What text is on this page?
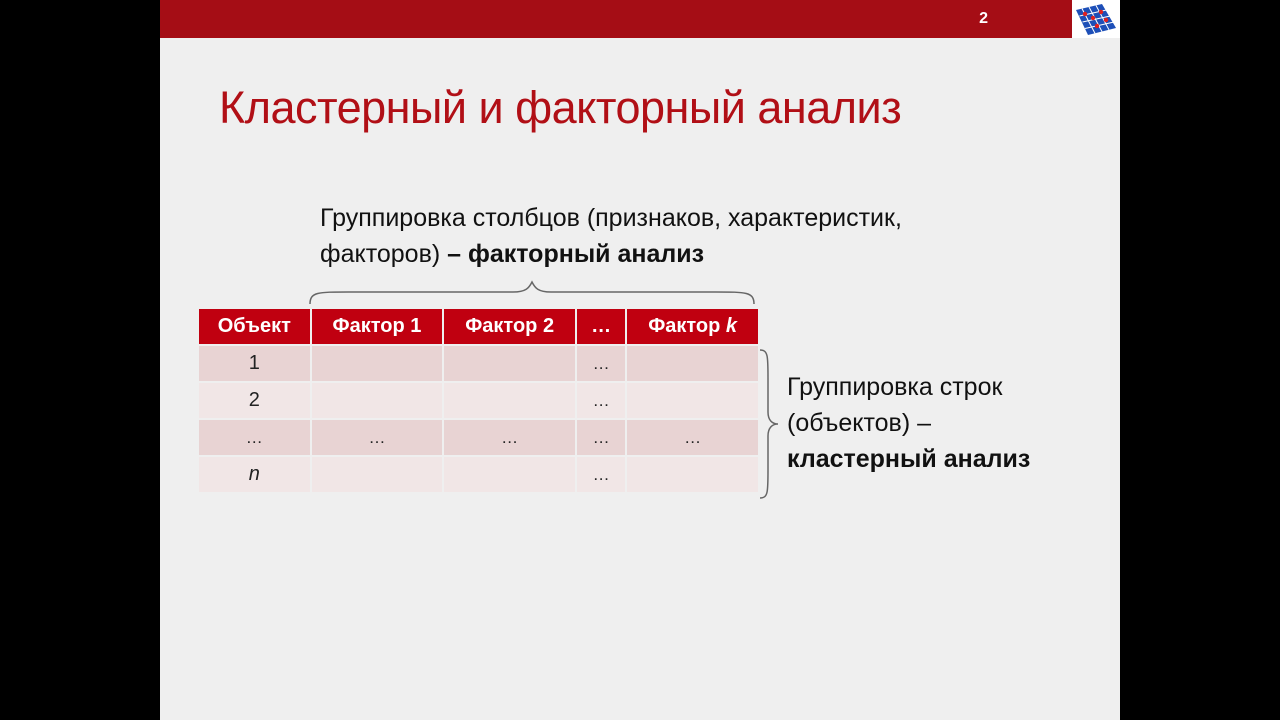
2
Кластерный и факторный анализ
Группировка столбцов (признаков, характеристик,
факторов) – факторный анализ
Объект	Фактор 1	Фактор 2	…	Фактор k
1			…	
2			…	
…	…	…	…	…
n			…	
Группировка строк
(объектов) –
кластерный анализ
